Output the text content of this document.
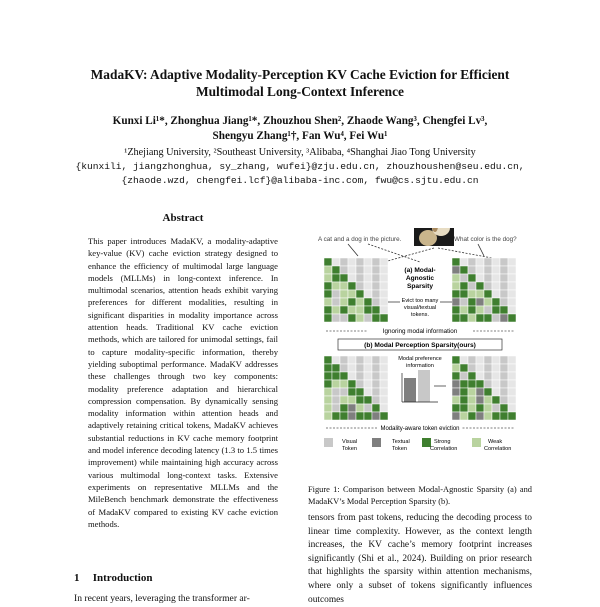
MadaKV: Adaptive Modality-Perception KV Cache Eviction for Efficient
Multimodal Long-Context Inference
Kunxi Li¹*, Zhonghua Jiang¹*, Zhouzhou Shen², Zhaode Wang³, Chengfei Lv³,
Shengyu Zhang¹†, Fan Wu⁴, Fei Wu¹
¹Zhejiang University, ²Southeast University, ³Alibaba, ⁴Shanghai Jiao Tong University
{kunxili, jiangzhonghua, sy_zhang, wufei}@zju.edu.cn, zhouzhoushen@seu.edu.cn,
{zhaode.wzd, chengfei.lcf}@alibaba-inc.com, fwu@cs.sjtu.edu.cn
Abstract
This paper introduces MadaKV, a modality-adaptive key-value (KV) cache eviction strategy designed to enhance the efficiency of multimodal large language models (MLLMs) in long-context inference. In multimodal scenarios, attention heads exhibit varying preferences for different modalities, resulting in significant disparities in modality importance across attention heads. Traditional KV cache eviction methods, which are tailored for unimodal settings, fail to capture modality-specific information, thereby yielding suboptimal performance. MadaKV addresses these challenges through two key components: modality preference adaptation and hierarchical compression compensation. By dynamically sensing modality information within attention heads and adaptively retaining critical tokens, MadaKV achieves substantial reductions in KV cache memory footprint and model inference decoding latency (1.3 to 1.5 times improvement) while maintaining high accuracy across various multimodal long-context tasks. Extensive experiments on representative MLLMs and the MileBench benchmark demonstrate the effectiveness of MadaKV compared to existing KV cache eviction methods.
1 Introduction
In recent years, leveraging the transformer ar-
A cat and a dog in the picture.	What color is the dog?
(a) Modal-
Agnostic
Sparsity
Evict too many
visual/textual
tokens.
Ignoring modal information
(b) Modal Perception Sparsity(ours)
Modal preference
information
Modality-aware token eviction
Visual
Token
Textual
Token
Strong
Correlation
Weak
Correlation
Figure 1: Comparison between Modal-Agnostic Sparsity (a) and MadaKV’s Modal Perception Sparsity (b).
tensors from past tokens, reducing the decoding process to linear time complexity. However, as the context length increases, the KV cache’s memory footprint increases significantly (Shi et al., 2024). Building on prior research that highlights the sparsity within attention mechanisms, where only a subset of tokens significantly influences outcomes
